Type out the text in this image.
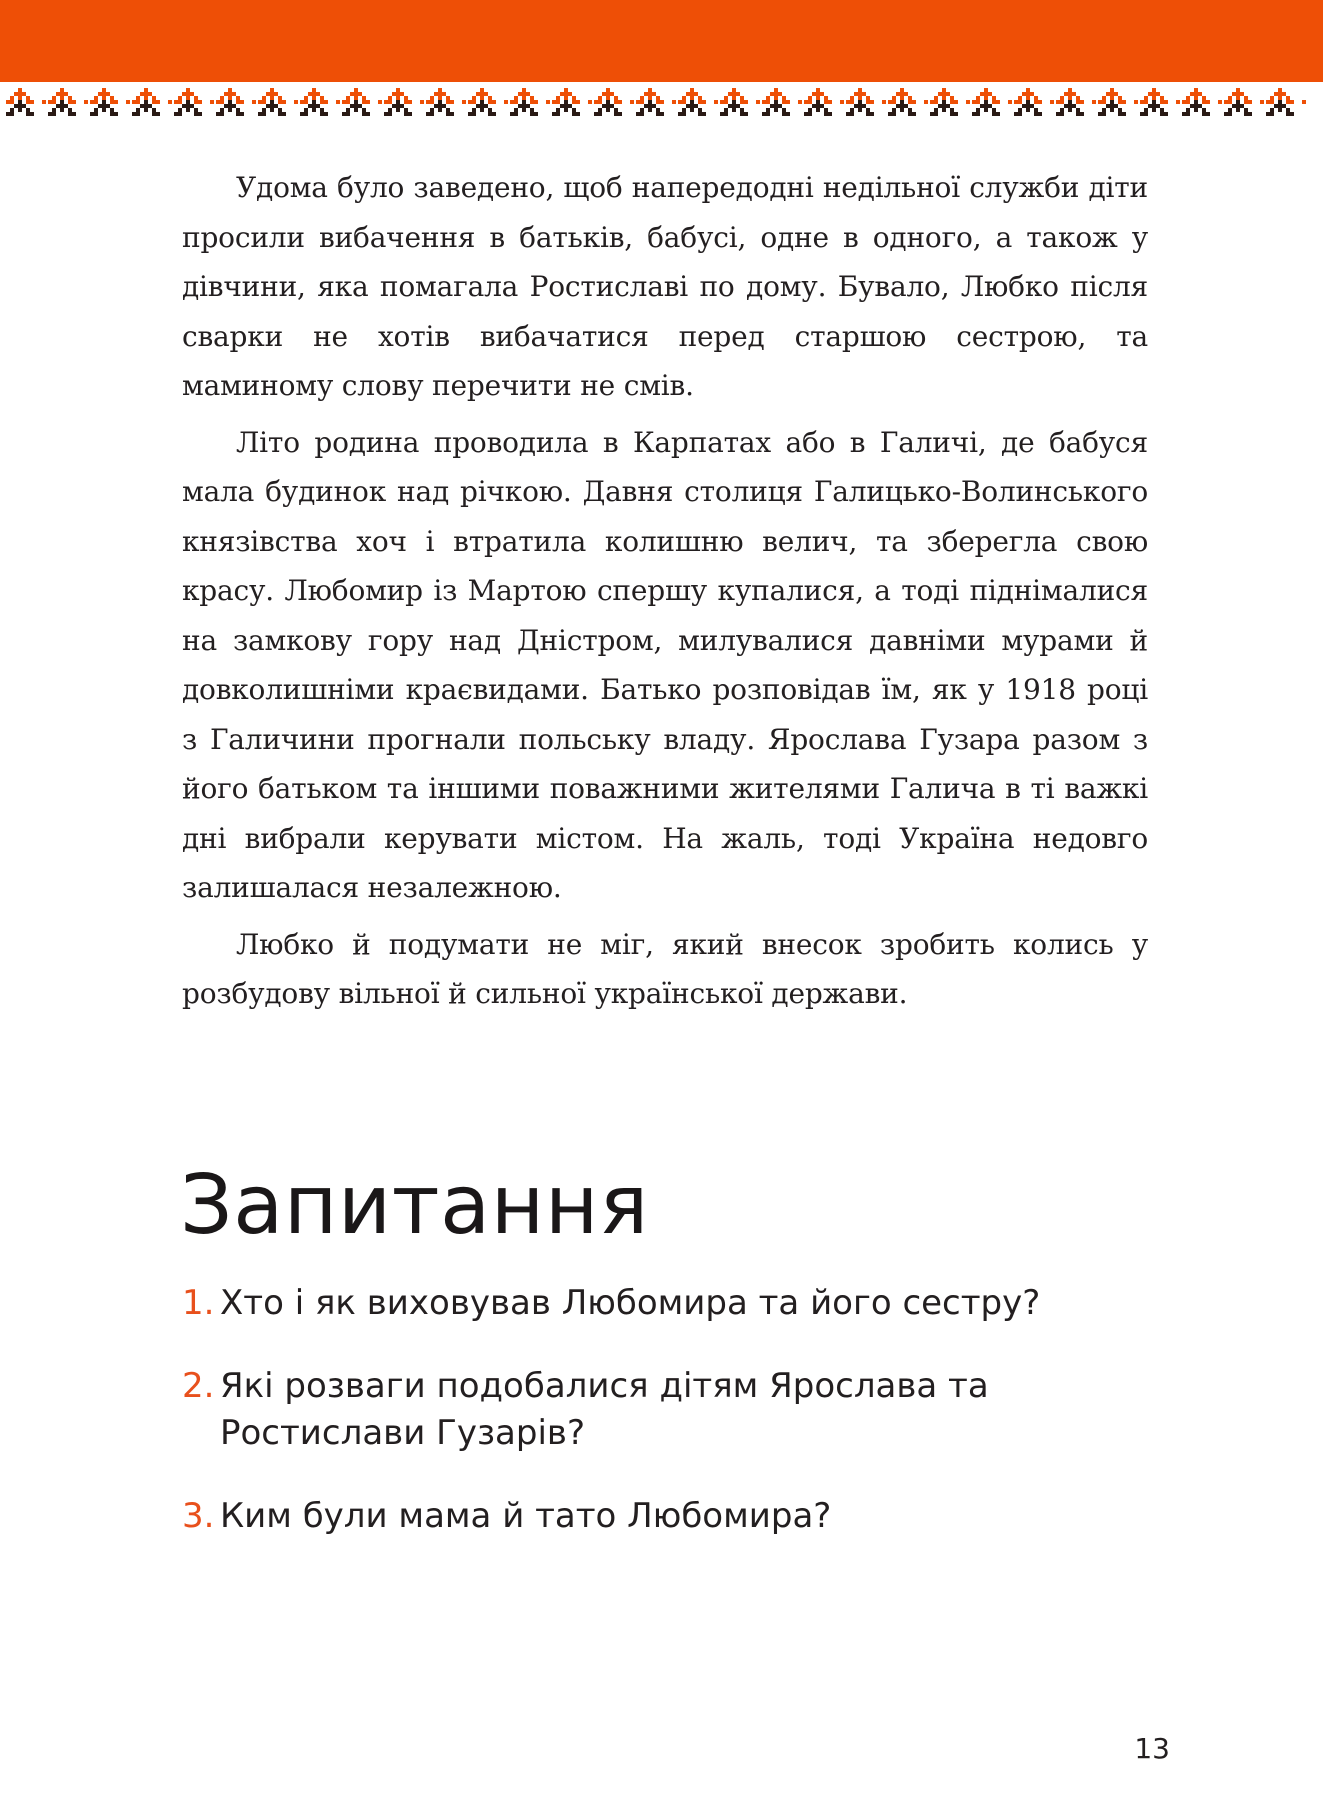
Удома було заведено, щоб напередодні недільної служби діти просили вибачення в батьків, бабусі, одне в одного, а також у дівчини, яка помагала Ростиславі по дому. Бувало, Любко після сварки не хотів вибачатися перед старшою сестрою, та маминому слову перечити не смів.

Літо родина проводила в Карпатах або в Галичі, де бабуся мала будинок над річкою. Давня столиця Галицько-Волинського князівства хоч і втратила колишню велич, та зберегла свою красу. Любомир із Мартою спершу купалися, а тоді піднімалися на замкову гору над Дністром, милувалися давніми мурами й довколишніми краєвидами. Батько розповідав їм, як у 1918 році з Галичини прогнали польську владу. Ярослава Гузара разом з його батьком та іншими поважними жителями Галича в ті важкі дні вибрали керувати містом. На жаль, тоді Україна недовго залишалася незалежною.

Любко й подумати не міг, який внесок зробить колись у розбудову вільної й сильної української держави.

Запитання
1. Хто і як виховував Любомира та його сестру?
2. Які розваги подобалися дітям Ярослава та Ростислави Гузарів?
3. Ким були мама й тато Любомира?
13
